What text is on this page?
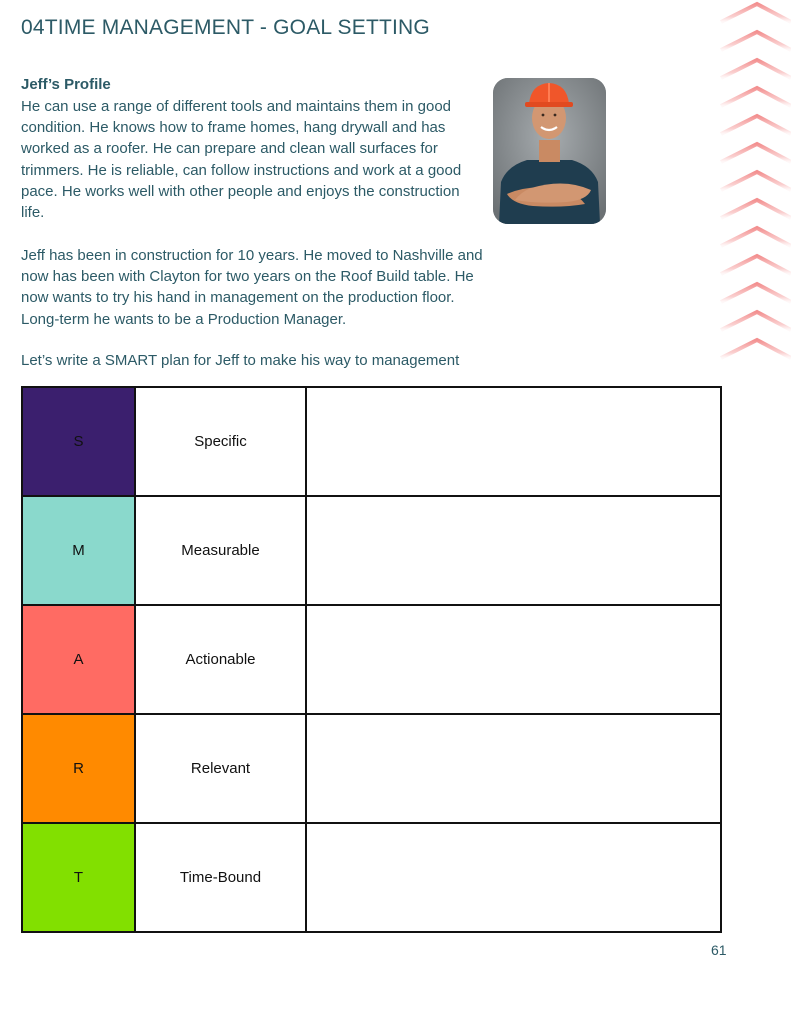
04TIME MANAGEMENT - GOAL SETTING
Jeff’s Profile

He can use a range of different tools and maintains them in good condition. He knows how to frame homes, hang drywall and has worked as a roofer. He can prepare and clean wall surfaces for trimmers. He is reliable, can follow instructions and work at a good pace. He works well with other people and enjoys the construction life.

Jeff has been in construction for 10 years. He moved to Nashville and now has been with Clayton for two years on the Roof Build table. He now wants to try his hand in management on the production floor. Long-term he wants to be a Production Manager.

Let’s write a SMART plan for Jeff to make his way to management

S	Specific	
M	Measurable	
A	Actionable	
R	Relevant	
T	Time-Bound	
61
